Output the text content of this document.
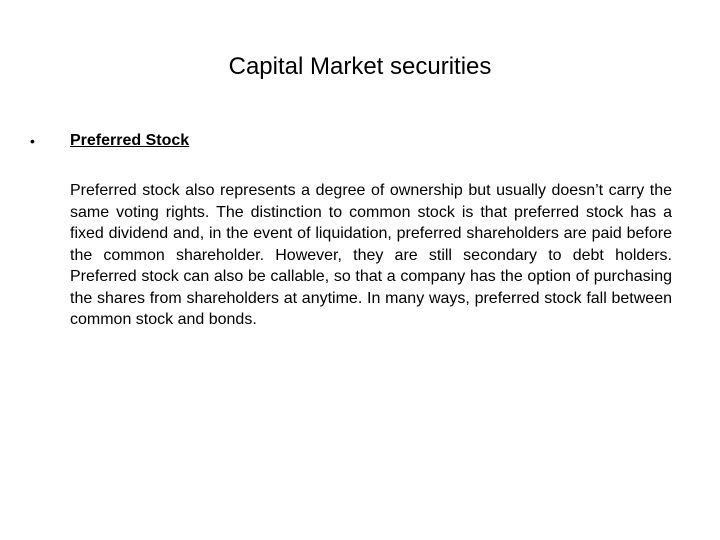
Capital Market securities
• Preferred Stock

Preferred stock also represents a degree of ownership but usually doesn’t carry the same voting rights. The distinction to common stock is that preferred stock has a fixed dividend and, in the event of liquidation, preferred shareholders are paid before the common shareholder. However, they are still secondary to debt holders. Preferred stock can also be callable, so that a company has the option of purchasing the shares from shareholders at anytime. In many ways, preferred stock fall between common stock and bonds.
